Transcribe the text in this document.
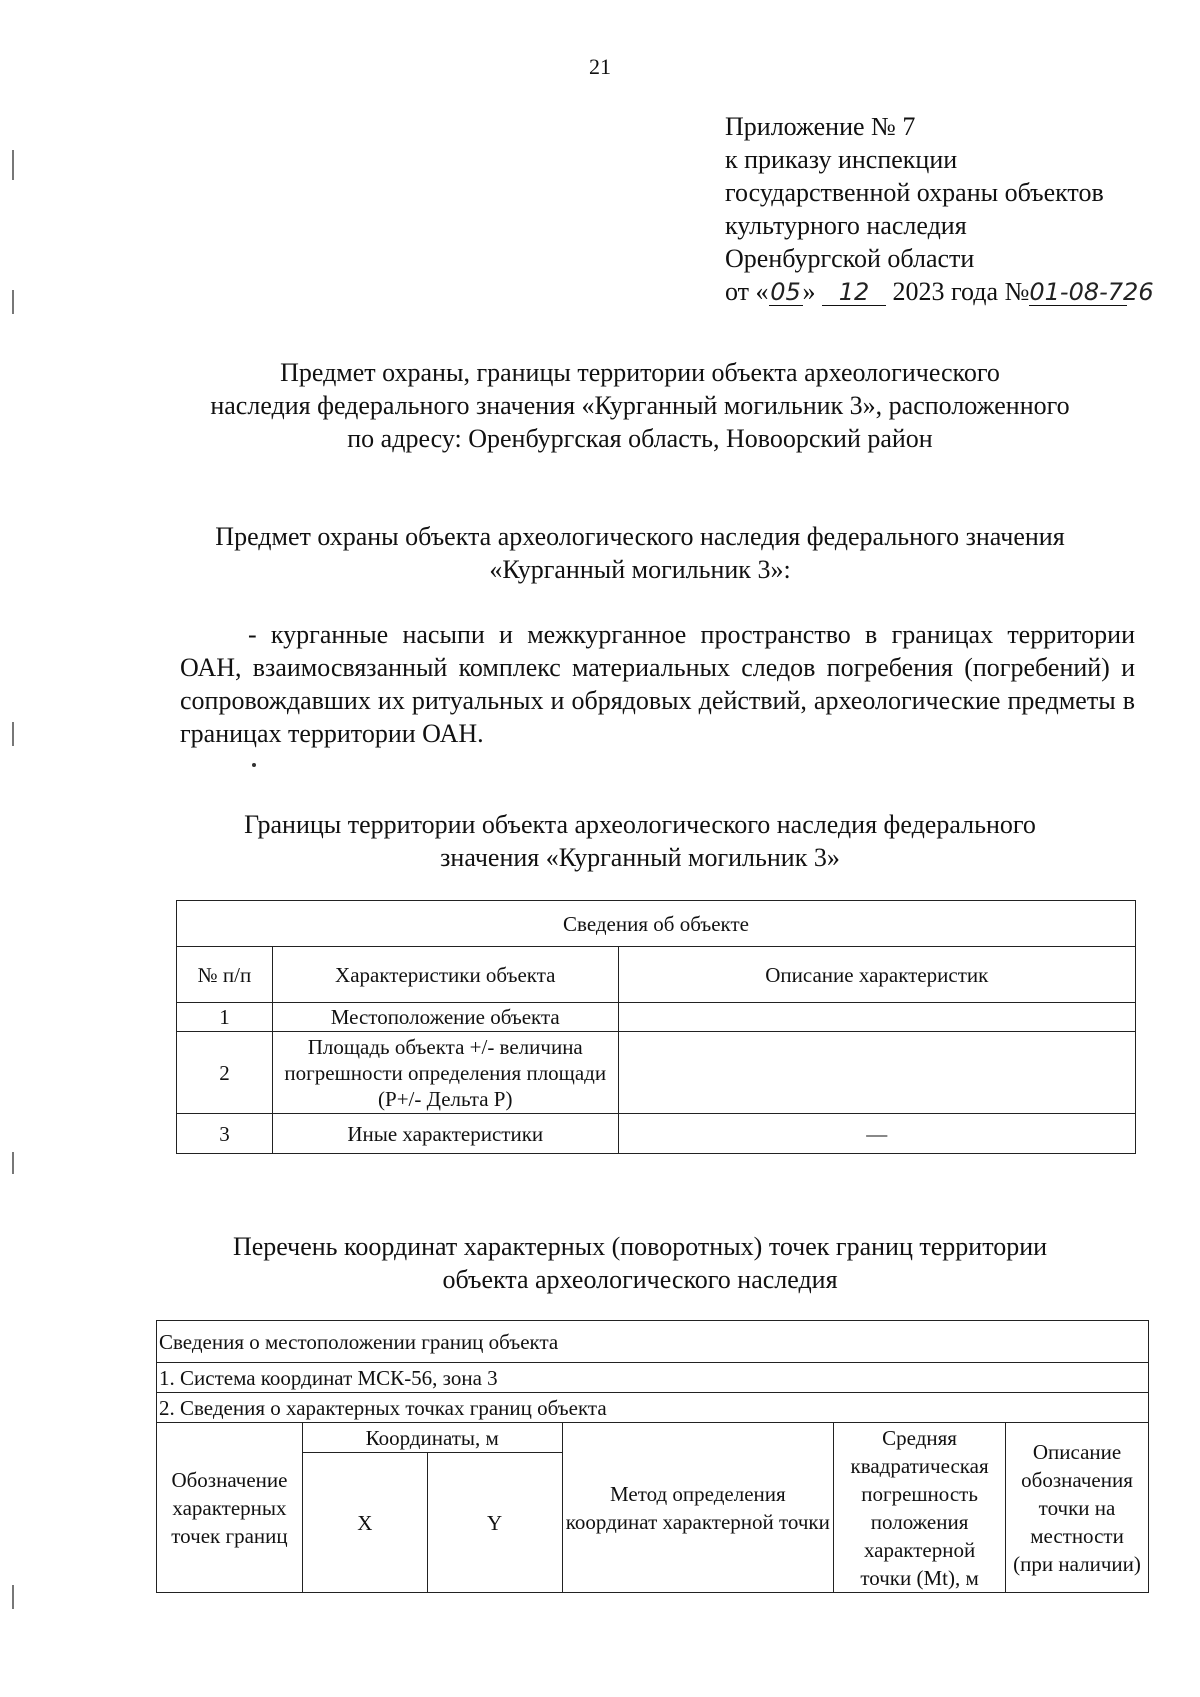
21
Приложение № 7
к приказу инспекции
государственной охраны объектов
культурного наследия
Оренбургской области
от «05» 12 2023 года №01-08-726
Предмет охраны, границы территории объекта археологического
наследия федерального значения «Курганный могильник 3», расположенного
по адресу: Оренбургская область, Новоорский район
Предмет охраны объекта археологического наследия федерального значения
«Курганный могильник 3»:

- курганные насыпи и межкурганное пространство в границах территории ОАН, взаимосвязанный комплекс материальных следов погребения (погребений) и сопровождавших их ритуальных и обрядовых действий, археологические предметы в границах территории ОАН.

Границы территории объекта археологического наследия федерального
значения «Курганный могильник 3»
Сведения об объекте		
№ п/п	Характеристики объекта	Описание характеристик
1	Местоположение объекта	
2	Площадь объекта +/- величина погрешности определения площади (Р+/- Дельта Р)	
3	Иные характеристики	—
Перечень координат характерных (поворотных) точек границ территории
объекта археологического наследия
Сведения о местоположении границ объекта					
1. Система координат МСК-56, зона 3					
2. Сведения о характерных точках границ объекта					
Обозначение характерных точек границ	Координаты, м		Метод определения координат характерной точки	Средняя квадратическая погрешность положения характерной точки (Mt), м	Описание обозначения точки на местности (при наличии)
	X	Y			
